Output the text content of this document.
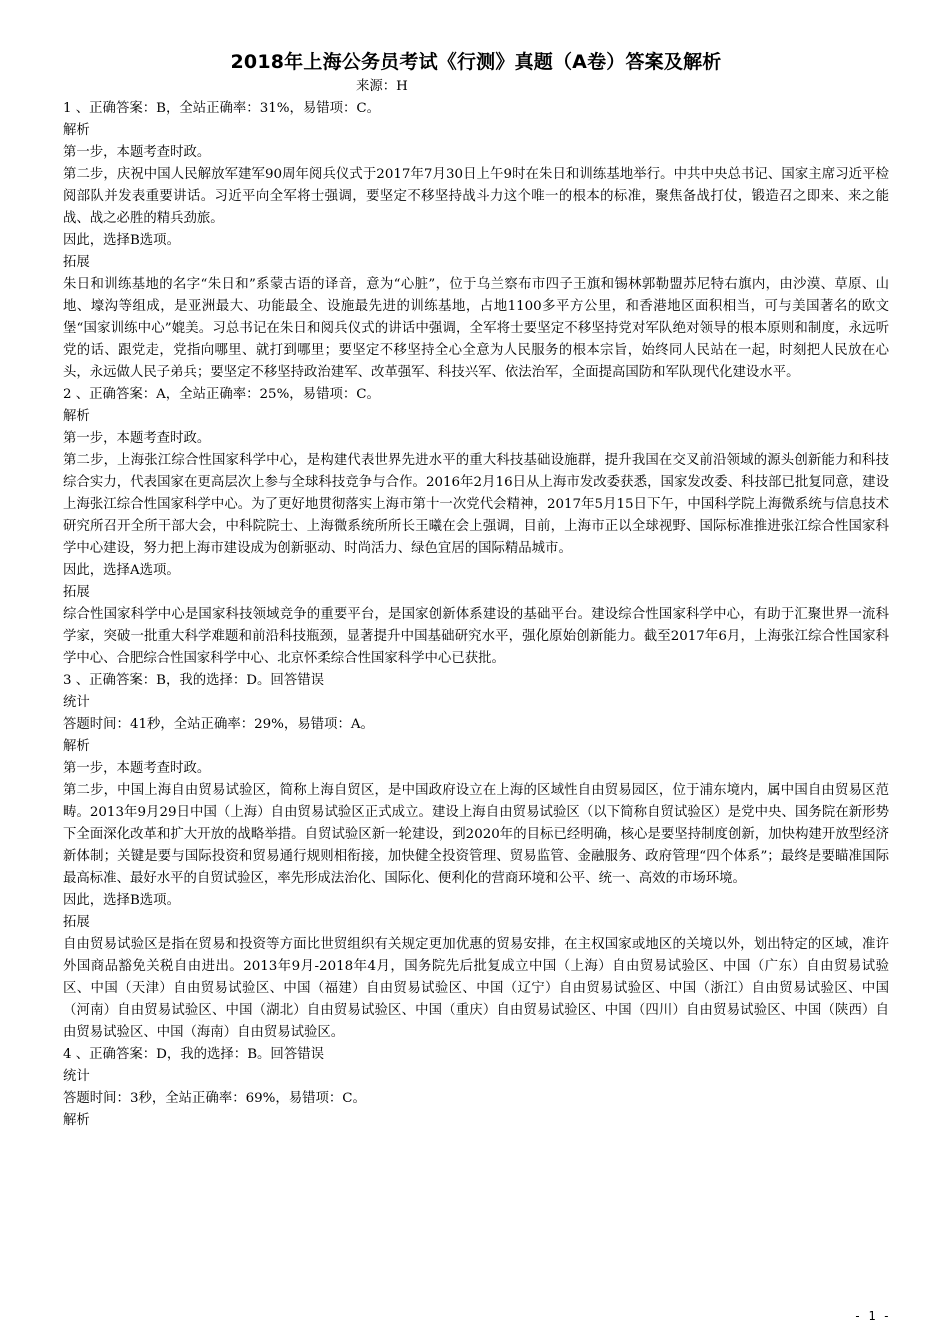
2018年上海公务员考试《行测》真题（A卷）答案及解析
来源：H

1 、正确答案：B，全站正确率：31%，易错项：C。

解析

第一步，本题考查时政。

第二步，庆祝中国人民解放军建军90周年阅兵仪式于2017年7月30日上午9时在朱日和训练基地举行。中共中央总书记、国家主席习近平检阅部队并发表重要讲话。习近平向全军将士强调，要坚定不移坚持战斗力这个唯一的根本的标准，聚焦备战打仗，锻造召之即来、来之能战、战之必胜的精兵劲旅。

因此，选择B选项。

拓展

朱日和训练基地的名字“朱日和”系蒙古语的译音，意为“心脏”，位于乌兰察布市四子王旗和锡林郭勒盟苏尼特右旗内，由沙漠、草原、山地、壕沟等组成，是亚洲最大、功能最全、设施最先进的训练基地，占地1100多平方公里，和香港地区面积相当，可与美国著名的欧文堡“国家训练中心”媲美。习总书记在朱日和阅兵仪式的讲话中强调，全军将士要坚定不移坚持党对军队绝对领导的根本原则和制度，永远听党的话、跟党走，党指向哪里、就打到哪里；要坚定不移坚持全心全意为人民服务的根本宗旨，始终同人民站在一起，时刻把人民放在心头，永远做人民子弟兵；要坚定不移坚持政治建军、改革强军、科技兴军、依法治军，全面提高国防和军队现代化建设水平。

2 、正确答案：A，全站正确率：25%，易错项：C。

解析

第一步，本题考查时政。

第二步，上海张江综合性国家科学中心，是构建代表世界先进水平的重大科技基础设施群，提升我国在交叉前沿领域的源头创新能力和科技综合实力，代表国家在更高层次上参与全球科技竞争与合作。2016年2月16日从上海市发改委获悉，国家发改委、科技部已批复同意，建设上海张江综合性国家科学中心。为了更好地贯彻落实上海市第十一次党代会精神，2017年5月15日下午，中国科学院上海微系统与信息技术研究所召开全所干部大会，中科院院士、上海微系统所所长王曦在会上强调，目前，上海市正以全球视野、国际标准推进张江综合性国家科学中心建设，努力把上海市建设成为创新驱动、时尚活力、绿色宜居的国际精品城市。

因此，选择A选项。

拓展

综合性国家科学中心是国家科技领域竞争的重要平台，是国家创新体系建设的基础平台。建设综合性国家科学中心，有助于汇聚世界一流科学家，突破一批重大科学难题和前沿科技瓶颈，显著提升中国基础研究水平，强化原始创新能力。截至2017年6月，上海张江综合性国家科学中心、合肥综合性国家科学中心、北京怀柔综合性国家科学中心已获批。

3 、正确答案：B，我的选择：D。回答错误

统计

答题时间：41秒，全站正确率：29%，易错项：A。

解析

第一步，本题考查时政。

第二步，中国上海自由贸易试验区，简称上海自贸区，是中国政府设立在上海的区域性自由贸易园区，位于浦东境内，属中国自由贸易区范畴。2013年9月29日中国（上海）自由贸易试验区正式成立。建设上海自由贸易试验区（以下简称自贸试验区）是党中央、国务院在新形势下全面深化改革和扩大开放的战略举措。自贸试验区新一轮建设，到2020年的目标已经明确，核心是要坚持制度创新，加快构建开放型经济新体制；关键是要与国际投资和贸易通行规则相衔接，加快健全投资管理、贸易监管、金融服务、政府管理“四个体系”；最终是要瞄准国际最高标准、最好水平的自贸试验区，率先形成法治化、国际化、便利化的营商环境和公平、统一、高效的市场环境。

因此，选择B选项。

拓展

自由贸易试验区是指在贸易和投资等方面比世贸组织有关规定更加优惠的贸易安排，在主权国家或地区的关境以外，划出特定的区域，准许外国商品豁免关税自由进出。2013年9月-2018年4月，国务院先后批复成立中国（上海）自由贸易试验区、中国（广东）自由贸易试验区、中国（天津）自由贸易试验区、中国（福建）自由贸易试验区、中国（辽宁）自由贸易试验区、中国（浙江）自由贸易试验区、中国（河南）自由贸易试验区、中国（湖北）自由贸易试验区、中国（重庆）自由贸易试验区、中国（四川）自由贸易试验区、中国（陕西）自由贸易试验区、中国（海南）自由贸易试验区。

4 、正确答案：D，我的选择：B。回答错误

统计

答题时间：3秒，全站正确率：69%，易错项：C。

解析

- 1 -
